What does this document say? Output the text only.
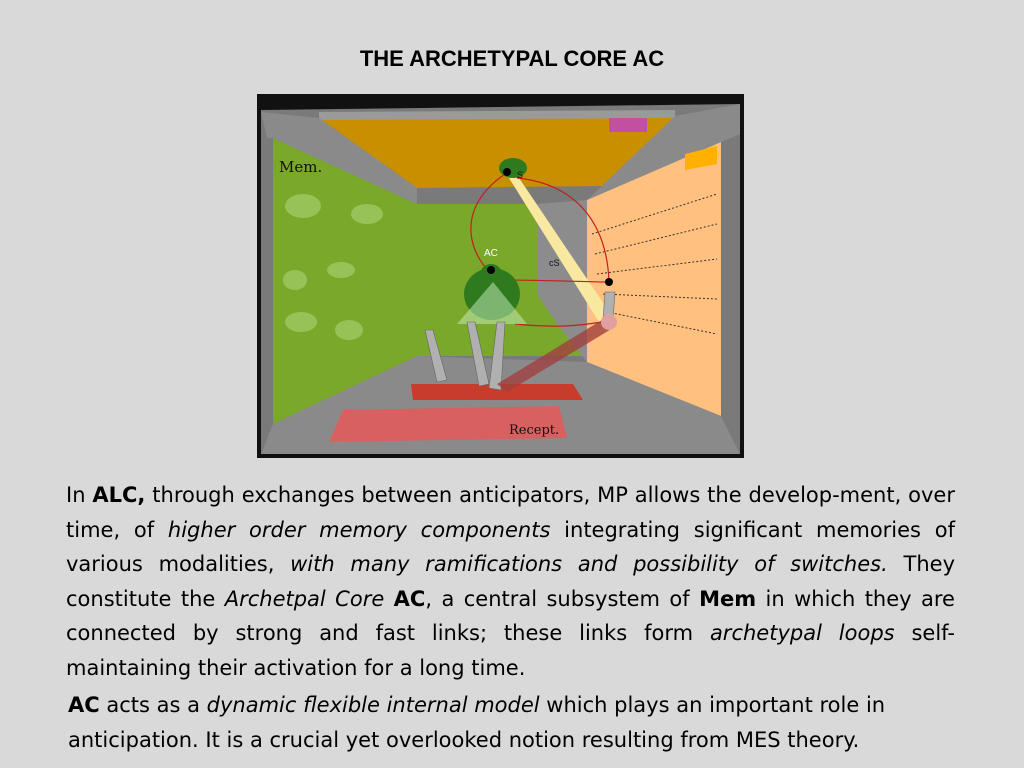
THE ARCHETYPAL CORE AC
Mem.
Recept.
S
AC
cS
In ALC, through exchanges between anticipators, MP allows the develop-ment, over time, of higher order memory components integrating significant memories of various modalities, with many ramifications and possibility of switches. They constitute the Archetpal Core AC, a central subsystem of Mem in which they are connected by strong and fast links; these links form archetypal loops self-maintaining their activation for a long time.
AC acts as a dynamic flexible internal model which plays an important role in anticipation. It is a crucial yet overlooked notion resulting from MES theory.
